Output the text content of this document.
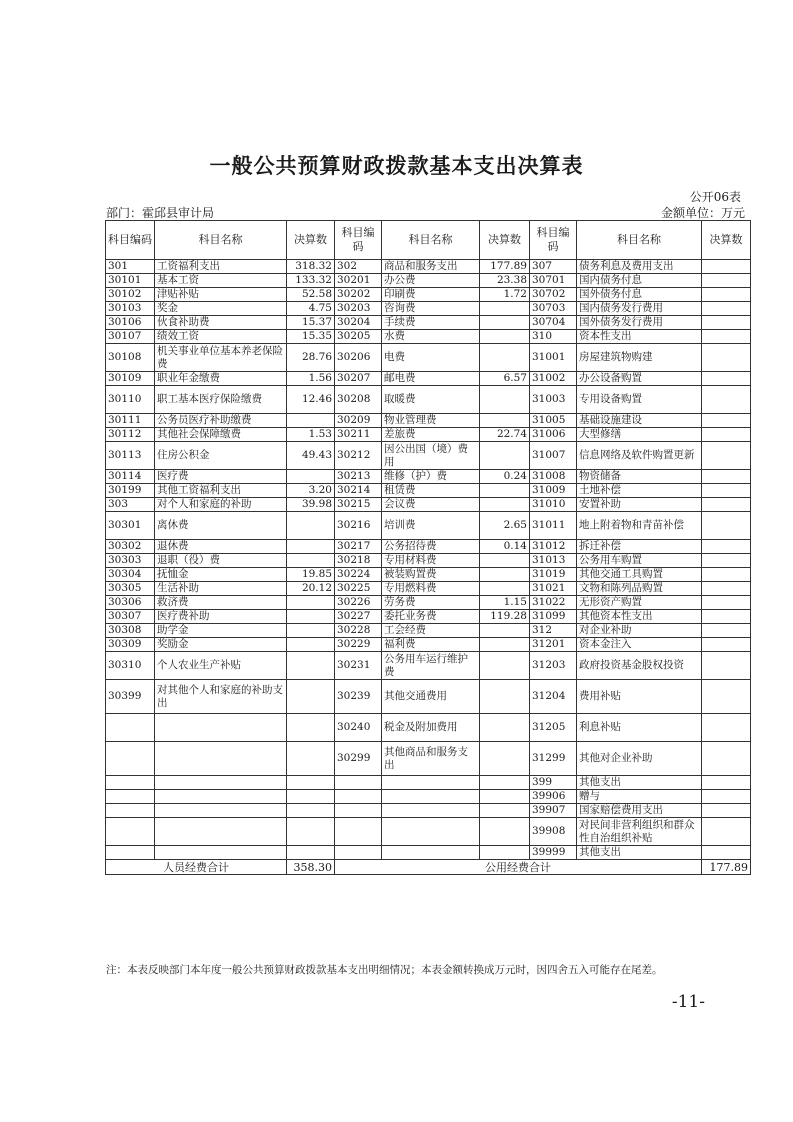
一般公共预算财政拨款基本支出决算表
公开06表
部门：霍邱县审计局	金额单位：万元
科目编码	科目名称	决算数	科目编码	科目名称	决算数	科目编码	科目名称	决算数
301	工资福利支出	318.32	302	商品和服务支出	177.89	307	债务利息及费用支出	
30101	基本工资	133.32	30201	办公费	23.38	30701	国内债务付息	
30102	津贴补贴	52.58	30202	印刷费	1.72	30702	国外债务付息	
30103	奖金	4.75	30203	咨询费		30703	国内债务发行费用	
30106	伙食补助费	15.37	30204	手续费		30704	国外债务发行费用	
30107	绩效工资	15.35	30205	水费		310	资本性支出	
30108	机关事业单位基本养老保险费	28.76	30206	电费		31001	房屋建筑物购建	
30109	职业年金缴费	1.56	30207	邮电费	6.57	31002	办公设备购置	
30110	职工基本医疗保险缴费	12.46	30208	取暖费		31003	专用设备购置	
30111	公务员医疗补助缴费		30209	物业管理费		31005	基础设施建设	
30112	其他社会保障缴费	1.53	30211	差旅费	22.74	31006	大型修缮	
30113	住房公积金	49.43	30212	因公出国（境）费用		31007	信息网络及软件购置更新	
30114	医疗费		30213	维修（护）费	0.24	31008	物资储备	
30199	其他工资福利支出	3.20	30214	租赁费		31009	土地补偿	
303	对个人和家庭的补助	39.98	30215	会议费		31010	安置补助	
30301	离休费		30216	培训费	2.65	31011	地上附着物和青苗补偿	
30302	退休费		30217	公务招待费	0.14	31012	拆迁补偿	
30303	退职（役）费		30218	专用材料费		31013	公务用车购置	
30304	抚恤金	19.85	30224	被装购置费		31019	其他交通工具购置	
30305	生活补助	20.12	30225	专用燃料费		31021	文物和陈列品购置	
30306	救济费		30226	劳务费	1.15	31022	无形资产购置	
30307	医疗费补助		30227	委托业务费	119.28	31099	其他资本性支出	
30308	助学金		30228	工会经费		312	对企业补助	
30309	奖励金		30229	福利费		31201	资本金注入	
30310	个人农业生产补贴		30231	公务用车运行维护费		31203	政府投资基金股权投资	
30399	对其他个人和家庭的补助支出		30239	其他交通费用		31204	费用补贴	
			30240	税金及附加费用		31205	利息补贴	
			30299	其他商品和服务支出		31299	其他对企业补助	
						399	其他支出	
						39906	赠与	
						39907	国家赔偿费用支出	
						39908	对民间非营利组织和群众性自治组织补贴	
						39999	其他支出	
人员经费合计		358.30	公用经费合计					177.89
注：本表反映部门本年度一般公共预算财政拨款基本支出明细情况；本表金额转换成万元时，因四舍五入可能存在尾差。
-11-
